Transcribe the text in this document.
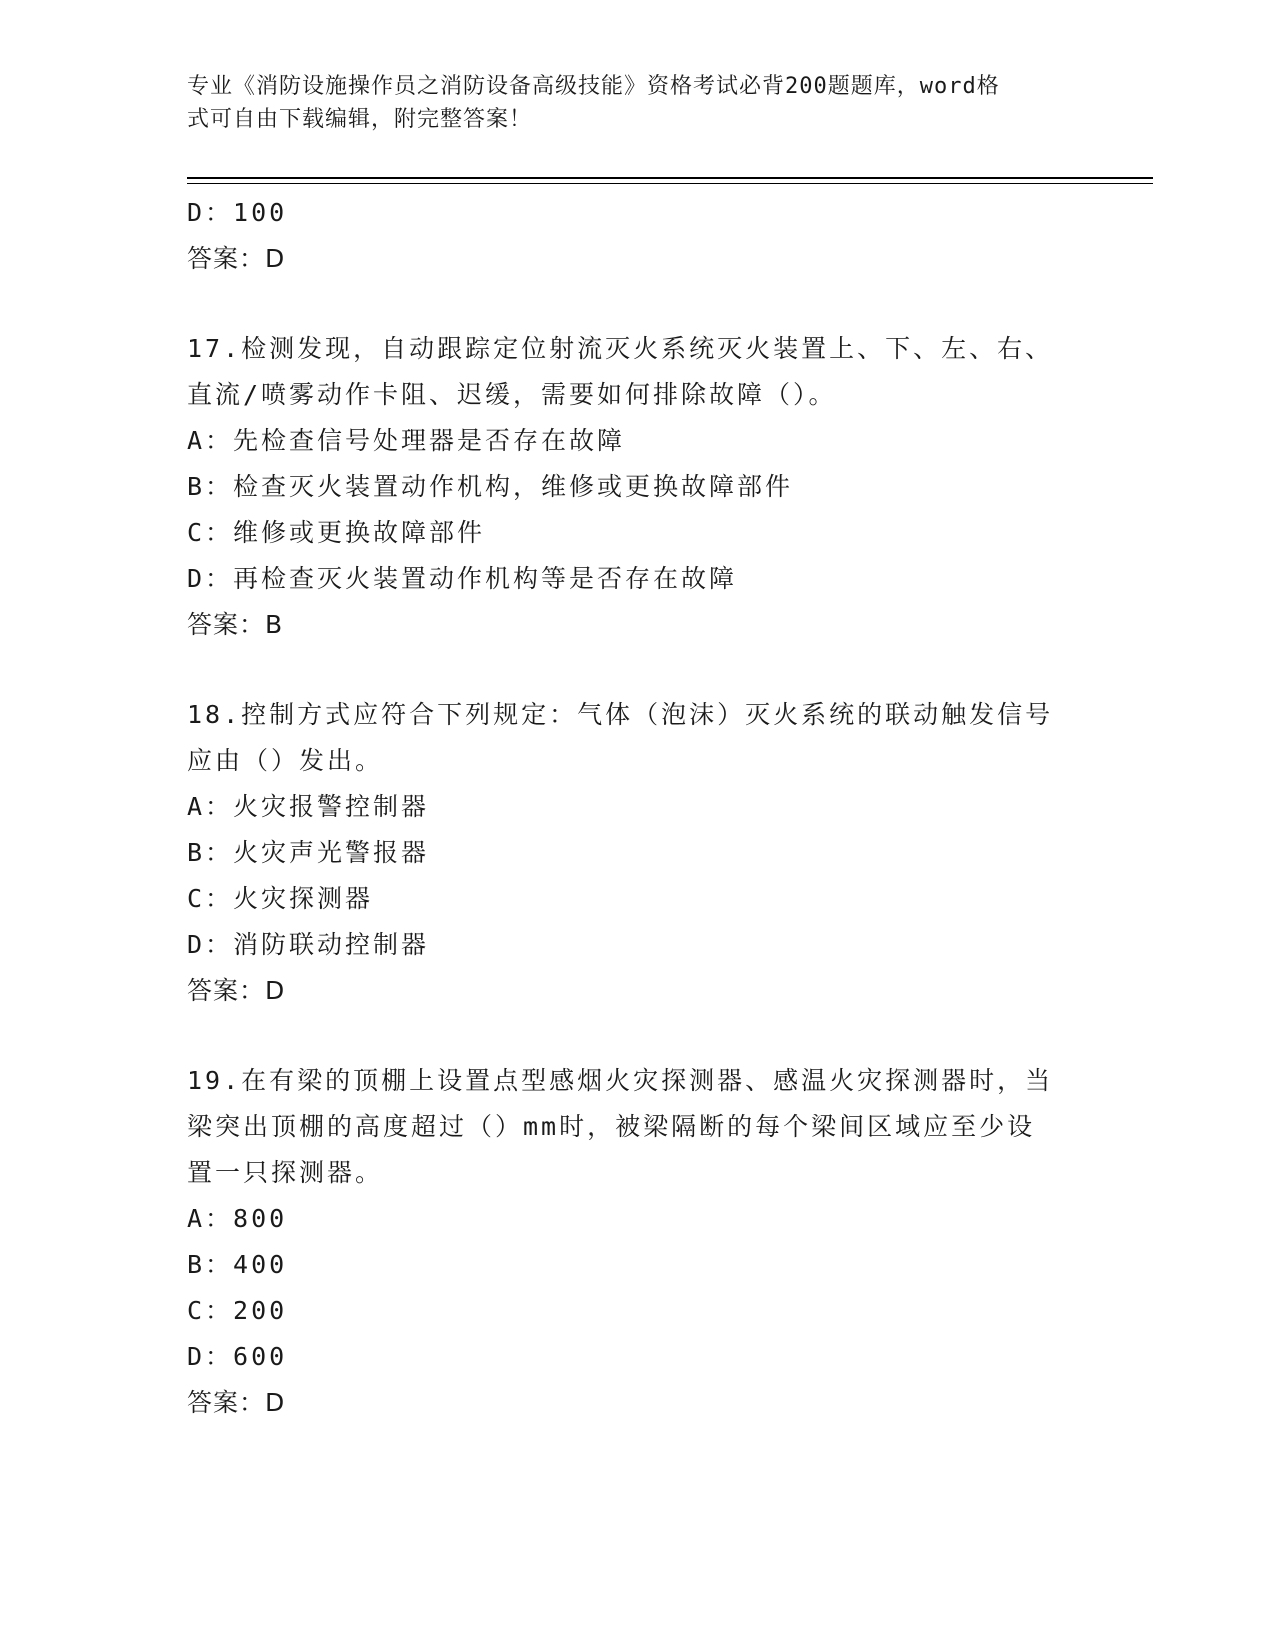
专业《消防设施操作员之消防设备高级技能》资格考试必背200题题库，word格
式可自由下载编辑，附完整答案！
D：100
答案：D
17.检测发现，自动跟踪定位射流灭火系统灭火装置上、下、左、右、
直流/喷雾动作卡阻、迟缓，需要如何排除故障（）。
A：先检查信号处理器是否存在故障
B：检查灭火装置动作机构，维修或更换故障部件
C：维修或更换故障部件
D：再检查灭火装置动作机构等是否存在故障
答案：B
18.控制方式应符合下列规定：气体（泡沫）灭火系统的联动触发信号
应由（）发出。
A：火灾报警控制器
B：火灾声光警报器
C：火灾探测器
D：消防联动控制器
答案：D
19.在有梁的顶棚上设置点型感烟火灾探测器、感温火灾探测器时，当
梁突出顶棚的高度超过（）mm时，被梁隔断的每个梁间区域应至少设
置一只探测器。
A：800
B：400
C：200
D：600
答案：D
